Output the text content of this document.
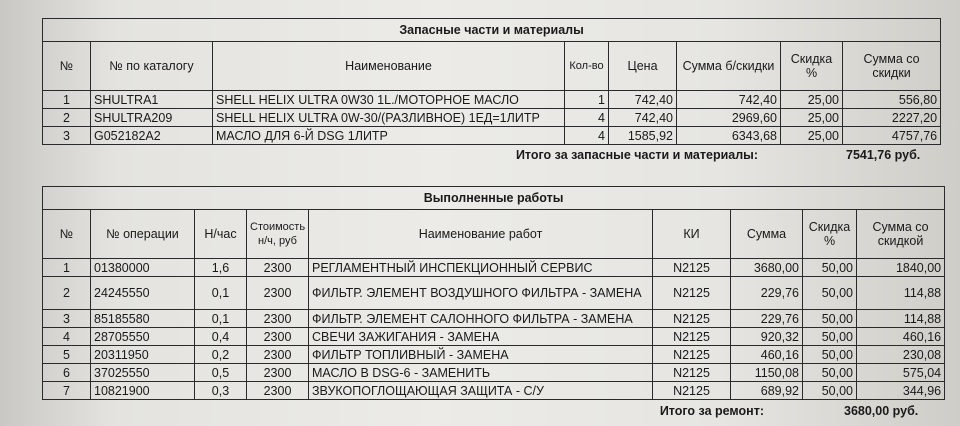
Запасные части и материалы							
№	№ по каталогу	Наименование	Кол-во	Цена	Сумма б/скидки	Скидка %	Сумма со скидки
1	SHULTRA1	SHELL HELIX ULTRA 0W30 1L./МОТОРНОЕ МАСЛО	1	742,40	742,40	25,00	556,80
2	SHULTRA209	SHELL HELIX ULTRA 0W-30/(РАЗЛИВНОЕ) 1ЕД=1ЛИТР	4	742,40	2969,60	25,00	2227,20
3	G052182A2	МАСЛО ДЛЯ 6-Й DSG 1ЛИТР	4	1585,92	6343,68	25,00	4757,76
Итого за запасные части и материалы:	7541,76 руб.
Выполненные работы								
№	№ операции	Н/час	Стоимость н/ч, руб	Наименование работ	КИ	Сумма	Скидка %	Сумма со скидкой
1	01380000	1,6	2300	РЕГЛАМЕНТНЫЙ ИНСПЕКЦИОННЫЙ СЕРВИС	N2125	3680,00	50,00	1840,00
2	24245550	0,1	2300	ФИЛЬТР. ЭЛЕМЕНТ ВОЗДУШНОГО ФИЛЬТРА - ЗАМЕНА	N2125	229,76	50,00	114,88
3	85185580	0,1	2300	ФИЛЬТР. ЭЛЕМЕНТ САЛОННОГО ФИЛЬТРА - ЗАМЕНА	N2125	229,76	50,00	114,88
4	28705550	0,4	2300	СВЕЧИ ЗАЖИГАНИЯ - ЗАМЕНА	N2125	920,32	50,00	460,16
5	20311950	0,2	2300	ФИЛЬТР ТОПЛИВНЫЙ - ЗАМЕНА	N2125	460,16	50,00	230,08
6	37025550	0,5	2300	МАСЛО В DSG-6 - ЗАМЕНИТЬ	N2125	1150,08	50,00	575,04
7	10821900	0,3	2300	ЗВУКОПОГЛОЩАЮЩАЯ ЗАЩИТА - С/У	N2125	689,92	50,00	344,96
Итого за ремонт:	3680,00 руб.
